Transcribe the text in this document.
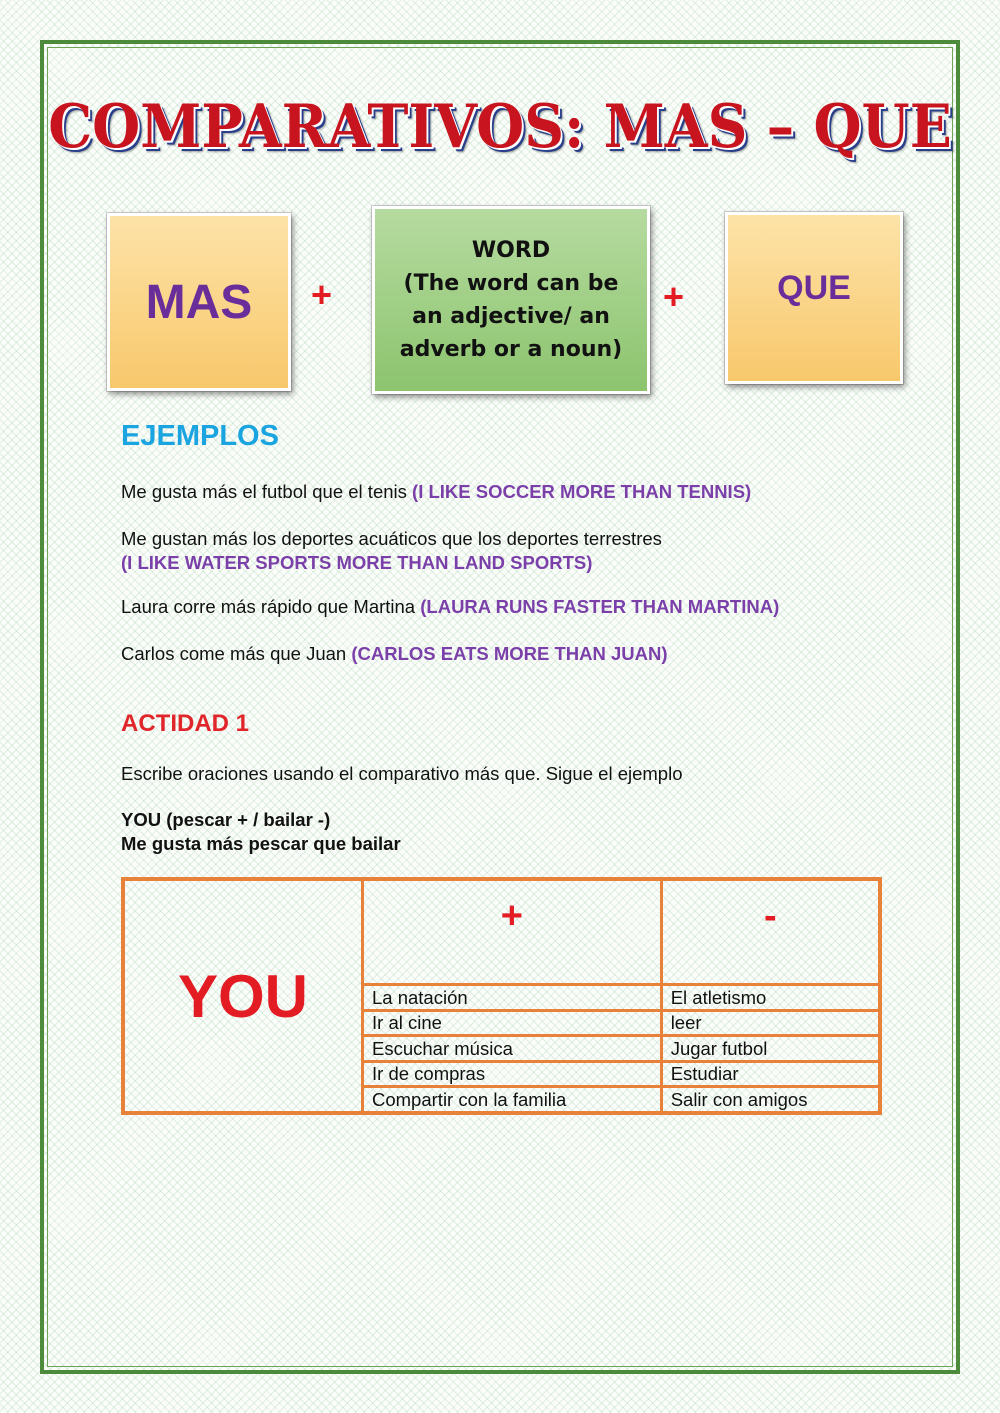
COMPARATIVOS: MAS – QUE
MAS +
WORD
(The word can be
an adjective/ an
adverb or a noun)
+	QUE
EJEMPLOS
Me gusta más el futbol que el tenis (I LIKE SOCCER MORE THAN TENNIS)
Me gustan más los deportes acuáticos que los deportes terrestres
(I LIKE WATER SPORTS MORE THAN LAND SPORTS)
Laura corre más rápido que Martina (LAURA RUNS FASTER THAN MARTINA)
Carlos come más que Juan (CARLOS EATS MORE THAN JUAN)
ACTIDAD 1
Escribe oraciones usando el comparativo más que. Sigue el ejemplo
YOU (pescar + / bailar -)
Me gusta más pescar que bailar
YOU	+	-
	La natación	El atletismo
	Ir al cine	leer
	Escuchar música	Jugar futbol
	Ir de compras	Estudiar
	Compartir con la familia	Salir con amigos
